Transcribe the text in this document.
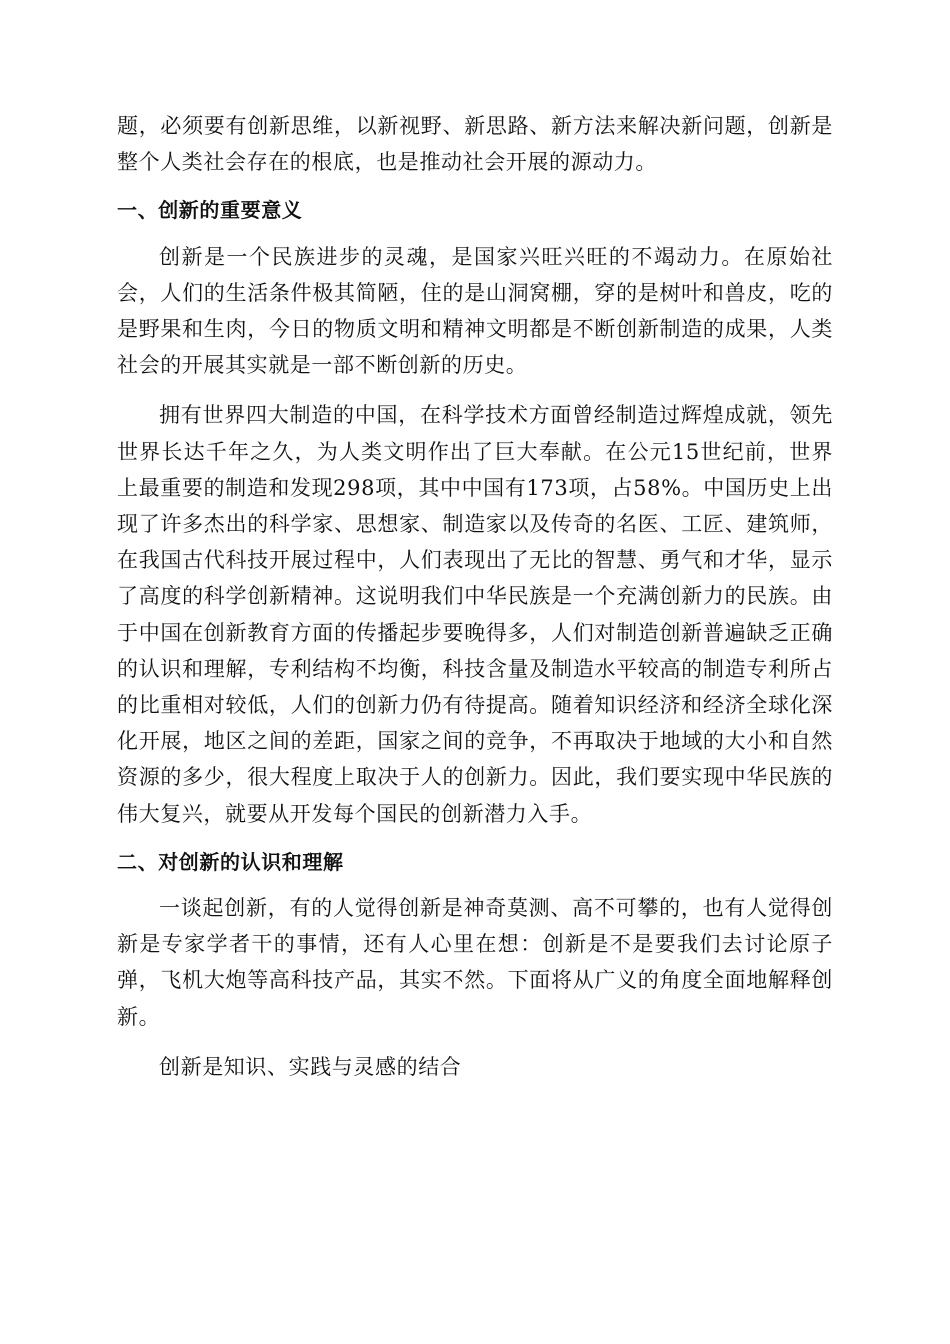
题，必须要有创新思维，以新视野、新思路、新方法来解决新问题，创新是整个人类社会存在的根底，也是推动社会开展的源动力。

一、创新的重要意义

创新是一个民族进步的灵魂，是国家兴旺兴旺的不竭动力。在原始社会，人们的生活条件极其简陋，住的是山洞窝棚，穿的是树叶和兽皮，吃的是野果和生肉，今日的物质文明和精神文明都是不断创新制造的成果，人类社会的开展其实就是一部不断创新的历史。

拥有世界四大制造的中国，在科学技术方面曾经制造过辉煌成就，领先世界长达千年之久，为人类文明作出了巨大奉献。在公元15世纪前，世界上最重要的制造和发现298项，其中中国有173项，占58%。中国历史上出现了许多杰出的科学家、思想家、制造家以及传奇的名医、工匠、建筑师，在我国古代科技开展过程中，人们表现出了无比的智慧、勇气和才华，显示了高度的科学创新精神。这说明我们中华民族是一个充满创新力的民族。由于中国在创新教育方面的传播起步要晚得多，人们对制造创新普遍缺乏正确的认识和理解，专利结构不均衡，科技含量及制造水平较高的制造专利所占的比重相对较低，人们的创新力仍有待提高。随着知识经济和经济全球化深化开展，地区之间的差距，国家之间的竞争，不再取决于地域的大小和自然资源的多少，很大程度上取决于人的创新力。因此，我们要实现中华民族的伟大复兴，就要从开发每个国民的创新潜力入手。

二、对创新的认识和理解

一谈起创新，有的人觉得创新是神奇莫测、高不可攀的，也有人觉得创新是专家学者干的事情，还有人心里在想：创新是不是要我们去讨论原子弹，飞机大炮等高科技产品，其实不然。下面将从广义的角度全面地解释创新。

创新是知识、实践与灵感的结合
